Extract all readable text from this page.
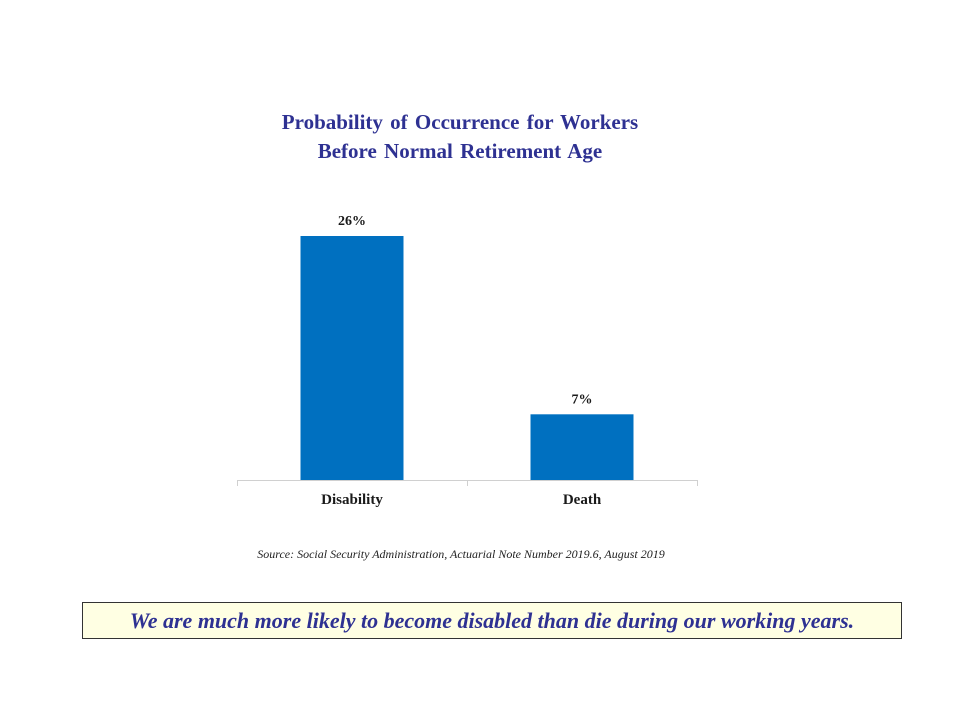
Probability of Occurrence for Workers
Before Normal Retirement Age
26%
Disability
7%
Death
Source: Social Security Administration, Actuarial Note Number 2019.6, August 2019
We are much more likely to become disabled than die during our working years.
